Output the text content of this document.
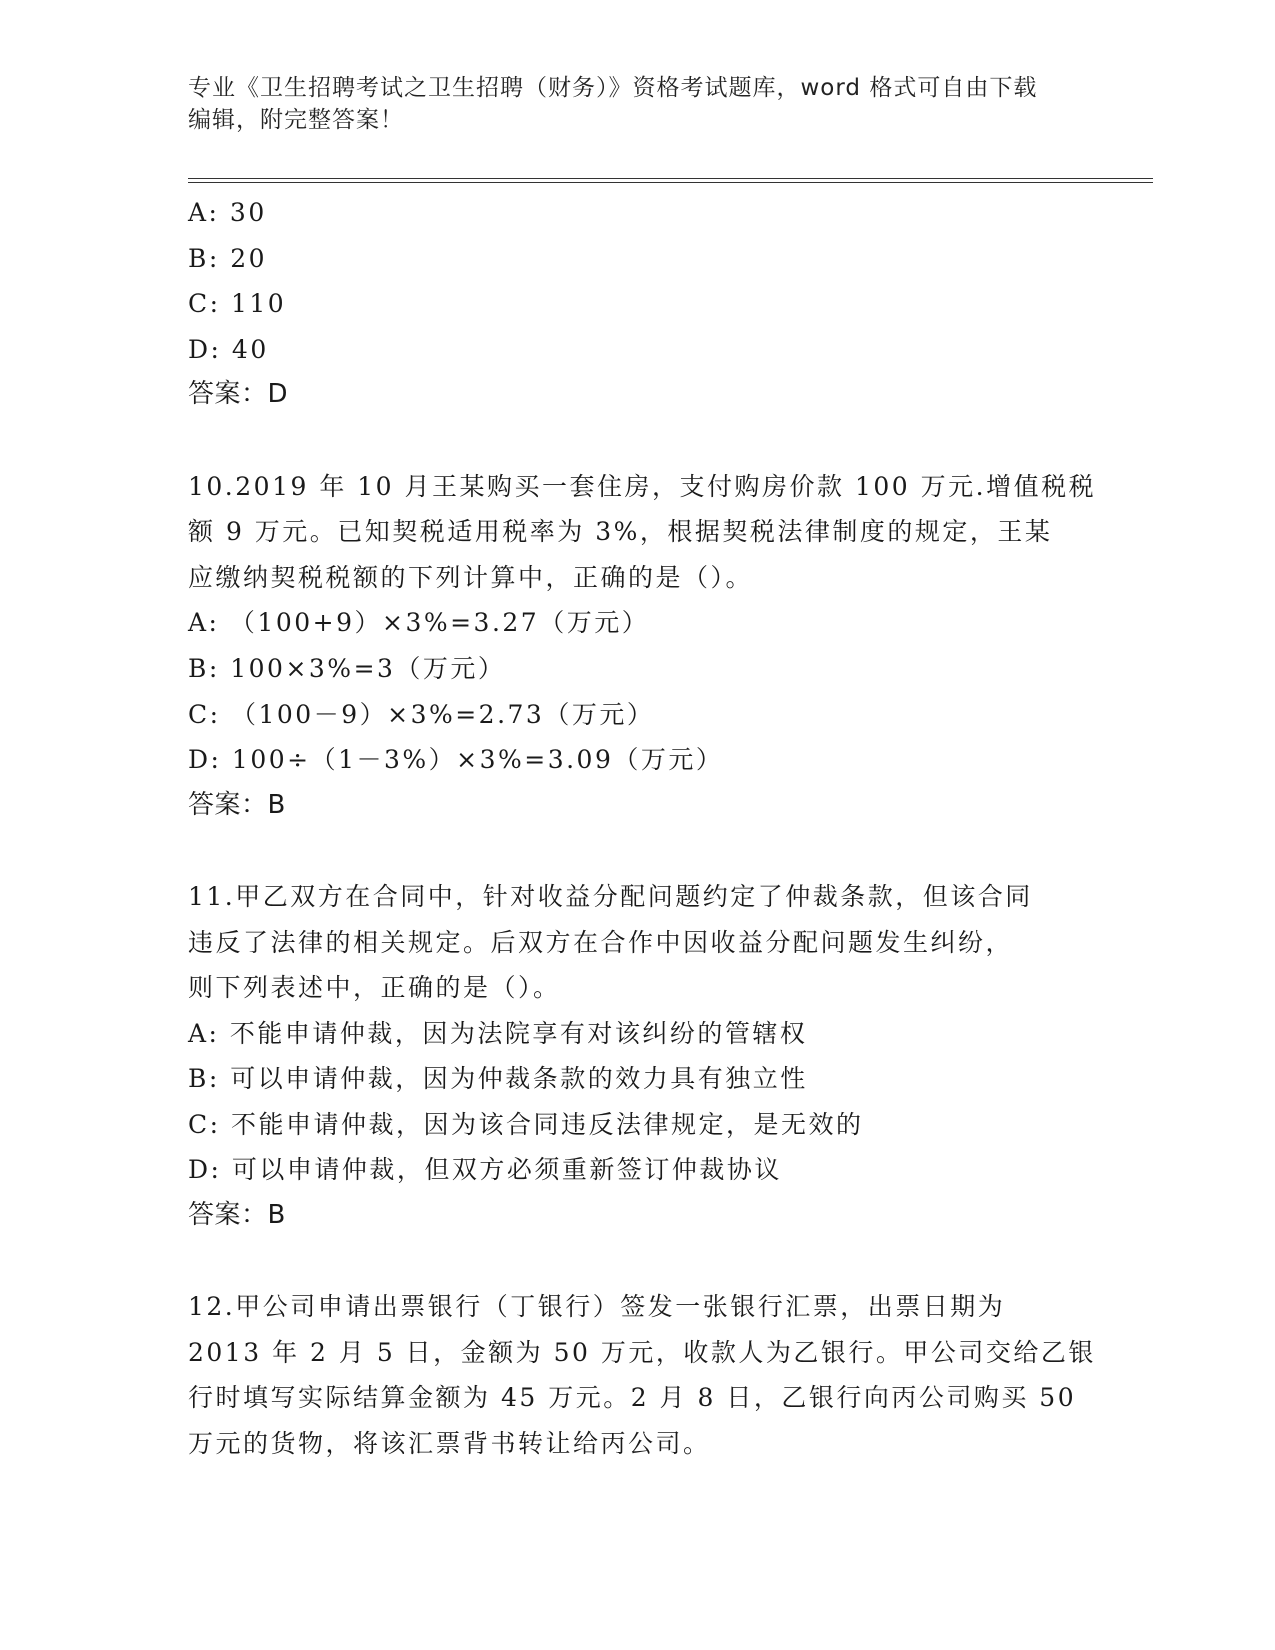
专业《卫生招聘考试之卫生招聘（财务）》资格考试题库，word 格式可自由下载
编辑，附完整答案！
A: 30
B: 20
C: 110
D: 40
答案：D
10.2019 年 10 月王某购买一套住房，支付购房价款 100 万元.增值税税
额 9 万元。已知契税适用税率为 3%，根据契税法律制度的规定，王某
应缴纳契税税额的下列计算中，正确的是（）。
A: （100+9）×3%=3.27（万元）
B: 100×3%=3（万元）
C: （100－9）×3%=2.73（万元）
D: 100÷（1－3%）×3%=3.09（万元）
答案：B
11.甲乙双方在合同中，针对收益分配问题约定了仲裁条款，但该合同
违反了法律的相关规定。后双方在合作中因收益分配问题发生纠纷，
则下列表述中，正确的是（）。
A: 不能申请仲裁，因为法院享有对该纠纷的管辖权
B: 可以申请仲裁，因为仲裁条款的效力具有独立性
C: 不能申请仲裁，因为该合同违反法律规定，是无效的
D: 可以申请仲裁，但双方必须重新签订仲裁协议
答案：B
12.甲公司申请出票银行（丁银行）签发一张银行汇票，出票日期为
2013 年 2 月 5 日，金额为 50 万元，收款人为乙银行。甲公司交给乙银
行时填写实际结算金额为 45 万元。2 月 8 日，乙银行向丙公司购买 50
万元的货物，将该汇票背书转让给丙公司。
